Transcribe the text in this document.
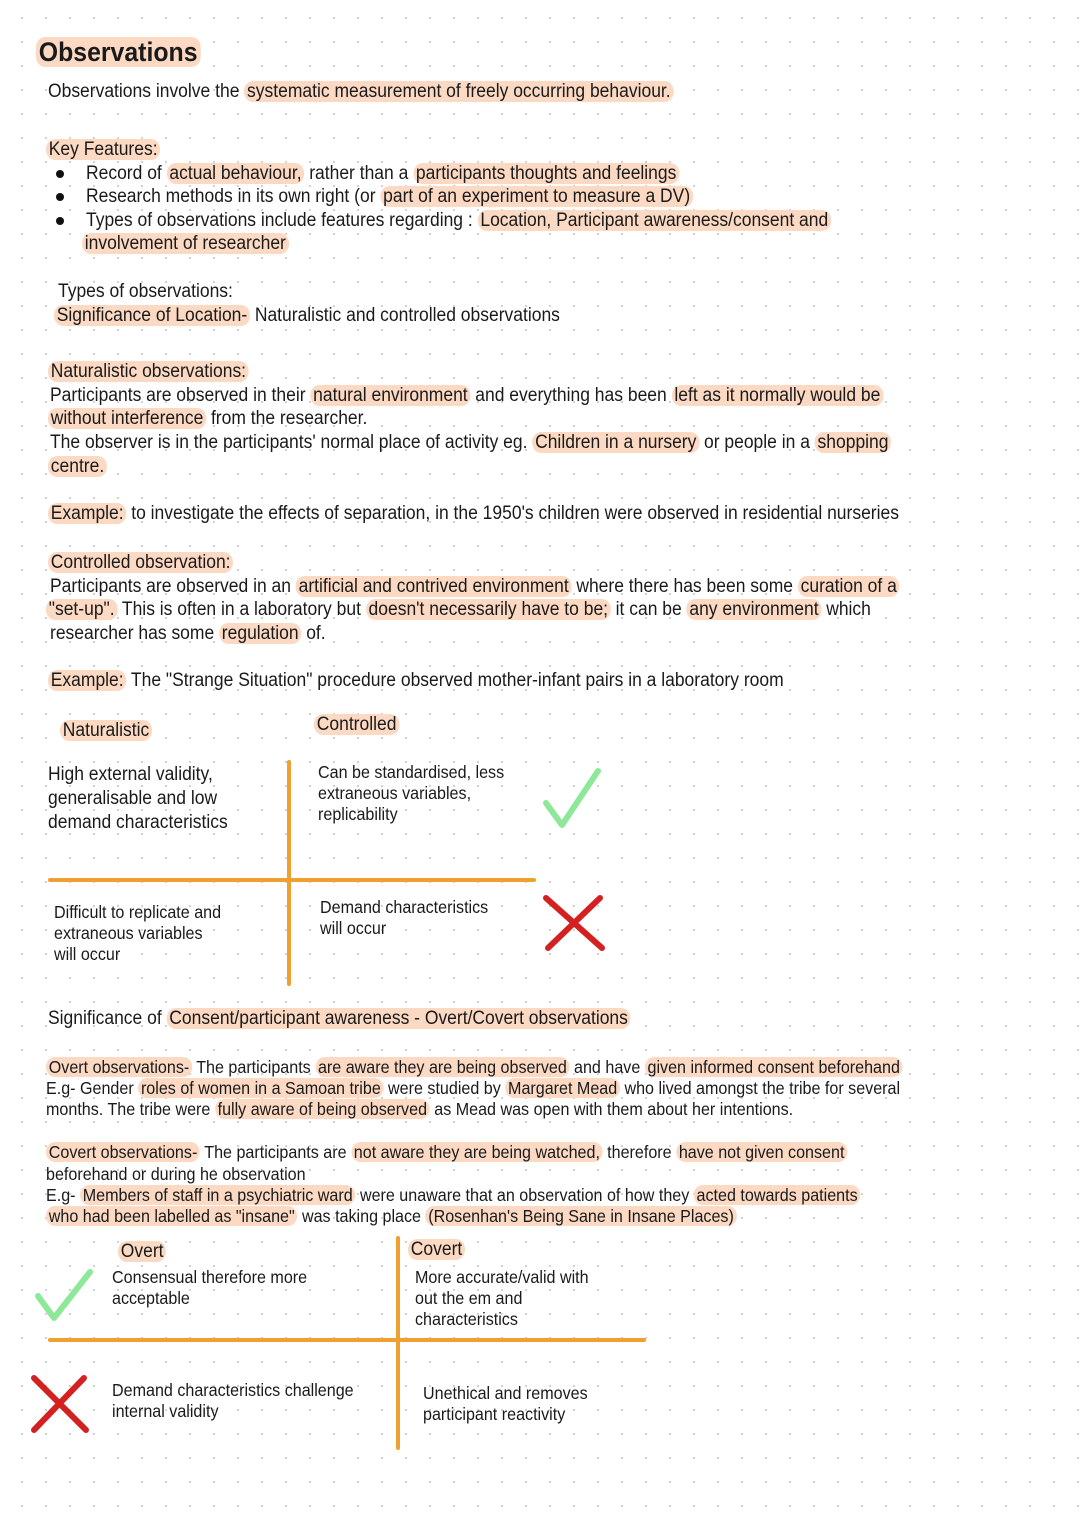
Observations
Observations involve the systematic measurement of freely occurring behaviour.
Key Features:
Record of actual behaviour, rather than a participants thoughts and feelings
Research methods in its own right (or part of an experiment to measure a DV)
Types of observations include features regarding : Location, Participant awareness/consent and
involvement of researcher
Types of observations:
Significance of Location- Naturalistic and controlled observations
Naturalistic observations:
Participants are observed in their natural environment and everything has been left as it normally would be
without interference from the researcher.
The observer is in the participants' normal place of activity eg. Children in a nursery or people in a shopping
centre.
Example: to investigate the effects of separation, in the 1950's children were observed in residential nurseries
Controlled observation:
Participants are observed in an artificial and contrived environment where there has been some curation of a
"set-up". This is often in a laboratory but doesn't necessarily have to be; it can be any environment which
researcher has some regulation of.
Example: The "Strange Situation" procedure observed mother-infant pairs in a laboratory room
Naturalistic	Controlled
High external validity,
generalisable and low
demand characteristics
Can be standardised, less
extraneous variables,
replicability
Difficult to replicate and
extraneous variables
will occur
Demand characteristics
will occur
Significance of Consent/participant awareness - Overt/Covert observations
Overt observations- The participants are aware they are being observed and have given informed consent beforehand
E.g- Gender roles of women in a Samoan tribe were studied by Margaret Mead who lived amongst the tribe for several
months. The tribe were fully aware of being observed as Mead was open with them about her intentions.
Covert observations- The participants are not aware they are being watched, therefore have not given consent
beforehand or during he observation
E.g- Members of staff in a psychiatric ward were unaware that an observation of how they acted towards patients
who had been labelled as "insane" was taking place (Rosenhan's Being Sane in Insane Places)
Overt	Covert
Consensual therefore more
acceptable
More accurate/valid with
out the em and
characteristics
Demand characteristics challenge
internal validity
Unethical and removes
participant reactivity
